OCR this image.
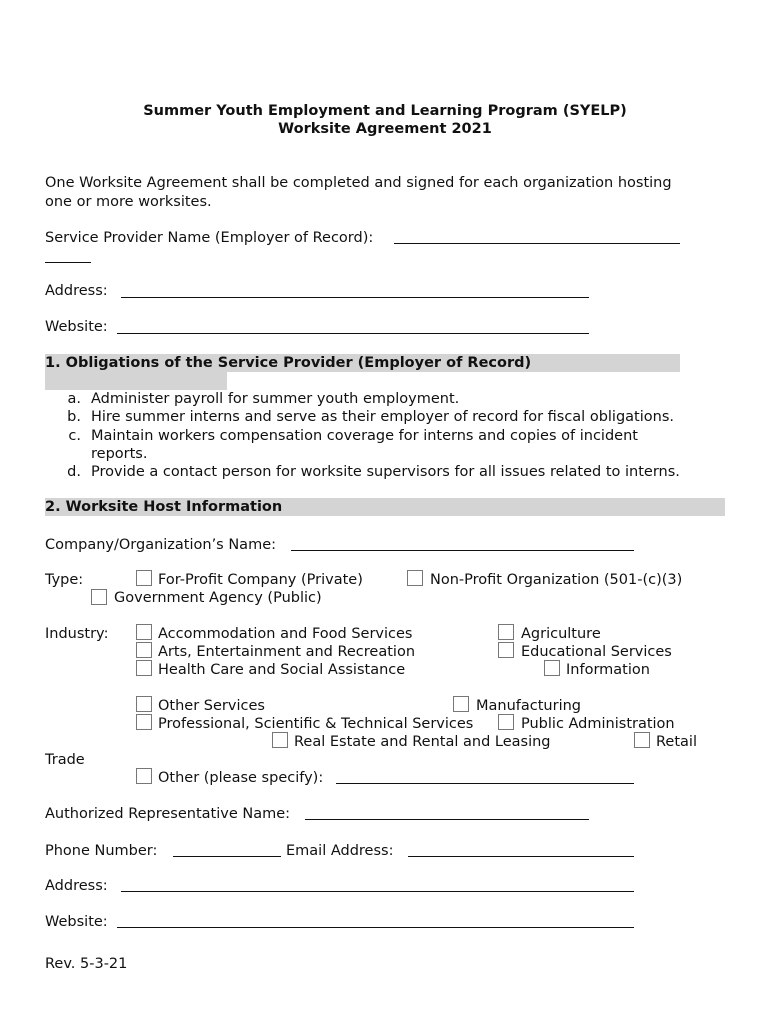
Summer Youth Employment and Learning Program (SYELP)
Worksite Agreement 2021
One Worksite Agreement shall be completed and signed for each organization hosting
one or more worksites.
Service Provider Name (Employer of Record):
Address:
Website:
1. Obligations of the Service Provider (Employer of Record)
a. Administer payroll for summer youth employment.
b. Hire summer interns and serve as their employer of record for fiscal obligations.
c. Maintain workers compensation coverage for interns and copies of incident
reports.
d. Provide a contact person for worksite supervisors for all issues related to interns.
2. Worksite Host Information
Company/Organization’s Name:
Type:	For-Profit Company (Private)	Non-Profit Organization (501-(c)(3)
Government Agency (Public)
Industry:	Accommodation and Food Services	Agriculture
Arts, Entertainment and Recreation	Educational Services
Health Care and Social Assistance	Information
Other Services	Manufacturing
Professional, Scientific & Technical Services	Public Administration
Real Estate and Rental and Leasing	Retail
Trade
Other (please specify):
Authorized Representative Name:
Phone Number:	Email Address:
Address:
Website:
Rev. 5-3-21
